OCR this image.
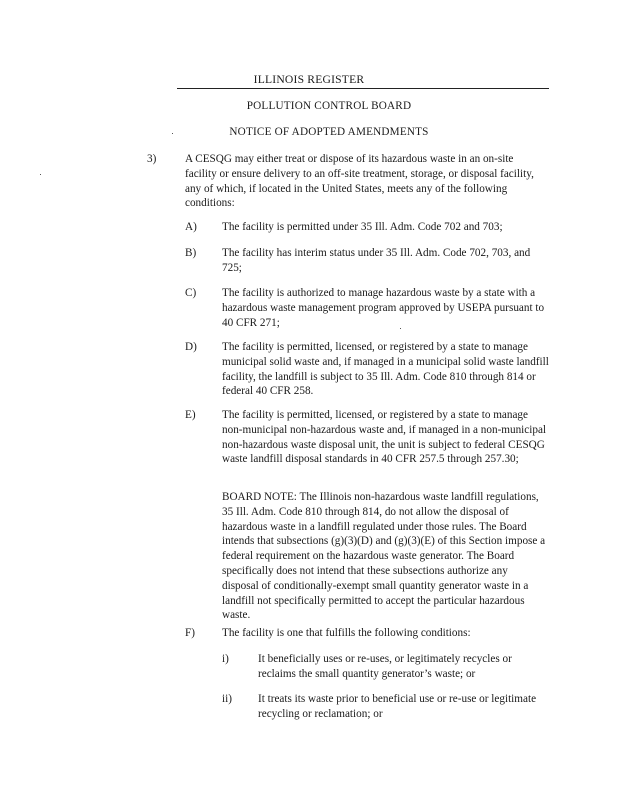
ILLINOIS REGISTER
POLLUTION CONTROL BOARD
NOTICE OF ADOPTED AMENDMENTS
3)	A CESQG may either treat or dispose of its hazardous waste in an on-site facility or ensure delivery to an off-site treatment, storage, or disposal facility, any of which, if located in the United States, meets any of the following conditions:
A) The facility is permitted under 35 Ill. Adm. Code 702 and 703;
B) The facility has interim status under 35 Ill. Adm. Code 702, 703, and 725;
C) The facility is authorized to manage hazardous waste by a state with a hazardous waste management program approved by USEPA pursuant to 40 CFR 271;
D) The facility is permitted, licensed, or registered by a state to manage municipal solid waste and, if managed in a municipal solid waste landfill facility, the landfill is subject to 35 Ill. Adm. Code 810 through 814 or federal 40 CFR 258.
E) The facility is permitted, licensed, or registered by a state to manage non-municipal non-hazardous waste and, if managed in a non-municipal non-hazardous waste disposal unit, the unit is subject to federal CESQG waste landfill disposal standards in 40 CFR 257.5 through 257.30;
BOARD NOTE: The Illinois non-hazardous waste landfill regulations, 35 Ill. Adm. Code 810 through 814, do not allow the disposal of hazardous waste in a landfill regulated under those rules. The Board intends that subsections (g)(3)(D) and (g)(3)(E) of this Section impose a federal requirement on the hazardous waste generator. The Board specifically does not intend that these subsections authorize any disposal of conditionally-exempt small quantity generator waste in a landfill not specifically permitted to accept the particular hazardous waste.
F) The facility is one that fulfills the following conditions:
i)	It beneficially uses or re-uses, or legitimately recycles or reclaims the small quantity generator’s waste; or
ii) It treats its waste prior to beneficial use or re-use or legitimate recycling or reclamation; or
